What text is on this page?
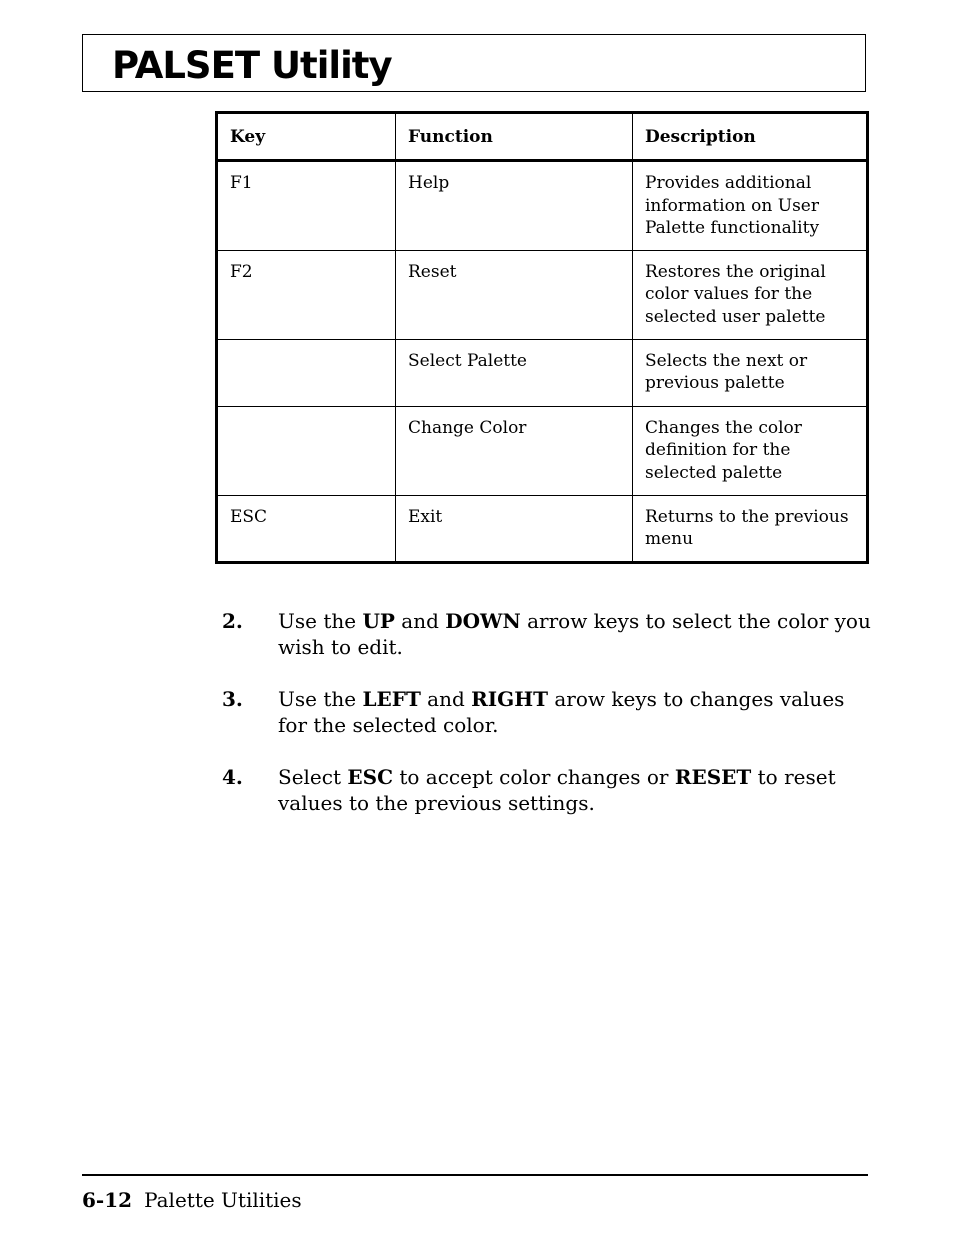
PALSET Utility
Key	Function	Description
F1	Help	Provides additional information on User Palette functionality
F2	Reset	Restores the original color values for the selected user palette
	Select Palette	Selects the next or previous palette
	Change Color	Changes the color definition for the selected palette
ESC	Exit	Returns to the previous menu
2.	Use the UP and DOWN arrow keys to select the color you wish to edit.
3.	Use the LEFT and RIGHT arow keys to changes values for the selected color.
4.	Select ESC to accept color changes or RESET to reset values to the previous settings.
6-12 Palette Utilities
